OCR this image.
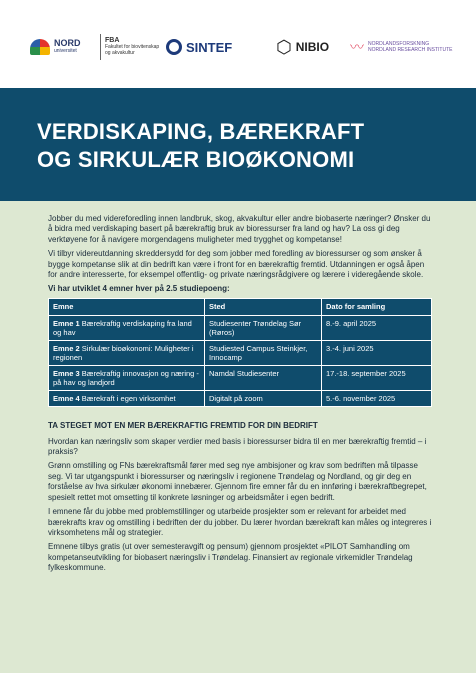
NORD
universitet
FBA
Fakultet for biovitenskap
og akvakultur	SINTEF ⬡ NIBIO 〰 NORDLANDSFORSKNING
NORDLAND RESEARCH INSTITUTE
VERDISKAPING, BÆREKRAFT
OG SIRKULÆR BIOØKONOMI

Jobber du med videreforedling innen landbruk, skog, akvakultur eller andre biobaserte næringer? Ønsker du å bidra med verdiskaping basert på bærekraftig bruk av bioressurser fra land og hav? La oss gi deg verktøyene for å navigere morgendagens muligheter med trygghet og kompetanse!

Vi tilbyr videreutdanning skreddersydd for deg som jobber med foredling av bioressurser og som ønsker å bygge kompetanse slik at din bedrift kan være i front for en bærekraftig fremtid. Utdanningen er også åpen for andre interesserte, for eksempel offentlig- og private næringsrådgivere og lærere i videregående skole.

Vi har utviklet 4 emner hver på 2.5 studiepoeng:

Emne	Sted	Dato for samling
Emne 1 Bærekraftig verdiskaping fra land og hav	Studiesenter Trøndelag Sør (Røros)	8.-9. april 2025
Emne 2 Sirkulær bioøkonomi: Muligheter i regionen	Studiested Campus Steinkjer, Innocamp	3.-4. juni 2025
Emne 3 Bærekraftig innovasjon og næring - på hav og landjord	Namdal Studiesenter	17.-18. september 2025
Emne 4 Bærekraft i egen virksomhet	Digitalt på zoom	5.-6. november 2025
TA STEGET MOT EN MER BÆREKRAFTIG FREMTID FOR DIN BEDRIFT

Hvordan kan næringsliv som skaper verdier med basis i bioressurser bidra til en mer bærekraftig fremtid – i praksis?

Grønn omstilling og FNs bærekraftsmål fører med seg nye ambisjoner og krav som bedriften må tilpasse seg. Vi tar utgangspunkt i bioressurser og næringsliv i regionene Trøndelag og Nordland, og gir deg en forståelse av hva sirkulær økonomi innebærer. Gjennom fire emner får du en innføring i bærekraftbegrepet, spesielt rettet mot omsetting til konkrete løsninger og arbeidsmåter i egen bedrift.

I emnene får du jobbe med problemstillinger og utarbeide prosjekter som er relevant for arbeidet med bærekrafts krav og omstilling i bedriften der du jobber. Du lærer hvordan bærekraft kan måles og integreres i virksomhetens mål og strategier.

Emnene tilbys gratis (ut over semesteravgift og pensum) gjennom prosjektet «PILOT Samhandling om kompetanseutvikling for biobasert næringsliv i Trøndelag. Finansiert av regionale virkemidler Trøndelag fylkeskommune.
